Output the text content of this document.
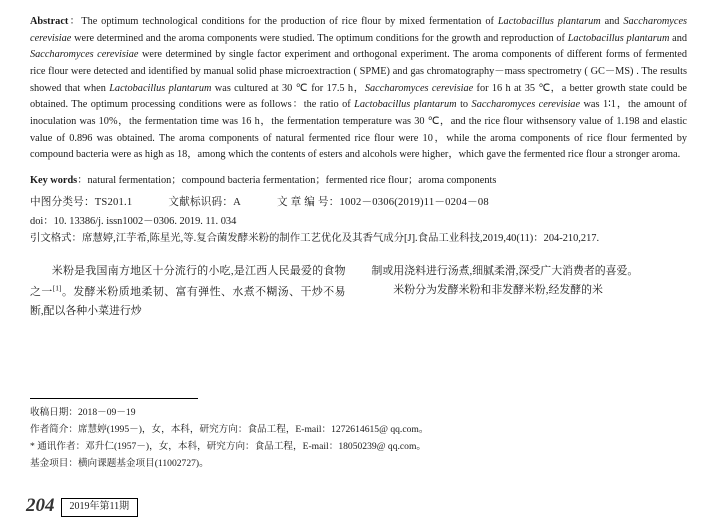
Abstract：The optimum technological conditions for the production of rice flour by mixed fermentation of Lactobacillus plantarum and Saccharomyces cerevisiae were determined and the aroma components were studied. The optimum conditions for the growth and reproduction of Lactobacillus plantarum and Saccharomyces cerevisiae were determined by single factor experiment and orthogonal experiment. The aroma components of different forms of fermented rice flour were detected and identified by manual solid phase microextraction ( SPME) and gas chromatography－mass spectrometry ( GC－MS) . The results showed that when Lactobacillus plantarum was cultured at 30 ℃ for 17.5 h，Saccharomyces cerevisiae for 16 h at 35 ℃，a better growth state could be obtained. The optimum processing conditions were as follows：the ratio of Lactobacillus plantarum to Saccharomyces cerevisiae was 1∶1，the amount of inoculation was 10%，the fermentation time was 16 h，the fermentation temperature was 30 ℃，and the rice flour withsensory value of 1.198 and elastic value of 0.896 was obtained. The aroma components of natural fermented rice flour were 10，while the aroma components of rice flour fermented by compound bacteria were as high as 18，among which the contents of esters and alcohols were higher，which gave the fermented rice flour a stronger aroma.
Key words：natural fermentation；compound bacteria fermentation；fermented rice flour；aroma components
中图分类号：TS201.1	文献标识码：A	文 章 编 号：1002－0306(2019)11－0204－08
doi：10. 13386/j. issn1002－0306. 2019. 11. 034
引文格式：席慧婷,江芋希,陈星光,等.复合菌发酵米粉的制作工艺优化及其香气成分[J].食品工业科技,2019,40(11)：204-210,217.

米粉是我国南方地区十分流行的小吃,是江西人民最爱的食物之一[1]。发酵米粉质地柔韧、富有弹性、水煮不糊汤、干炒不易断,配以各种小菜进行炒

制或用浇料进行汤煮,细腻柔滑,深受广大消费者的喜爱。

米粉分为发酵米粉和非发酵米粉,经发酵的米

收稿日期：2018－09－19
作者简介：席慧婷(1995－)，女，本科，研究方向：食品工程，E-mail：1272614615@ qq.com。
* 通讯作者：邓升仁(1957－)，女，本科，研究方向：食品工程，E-mail：18050239@ qq.com。
基金项目：横向课题基金项目(11002727)。
204	2019年第11期
